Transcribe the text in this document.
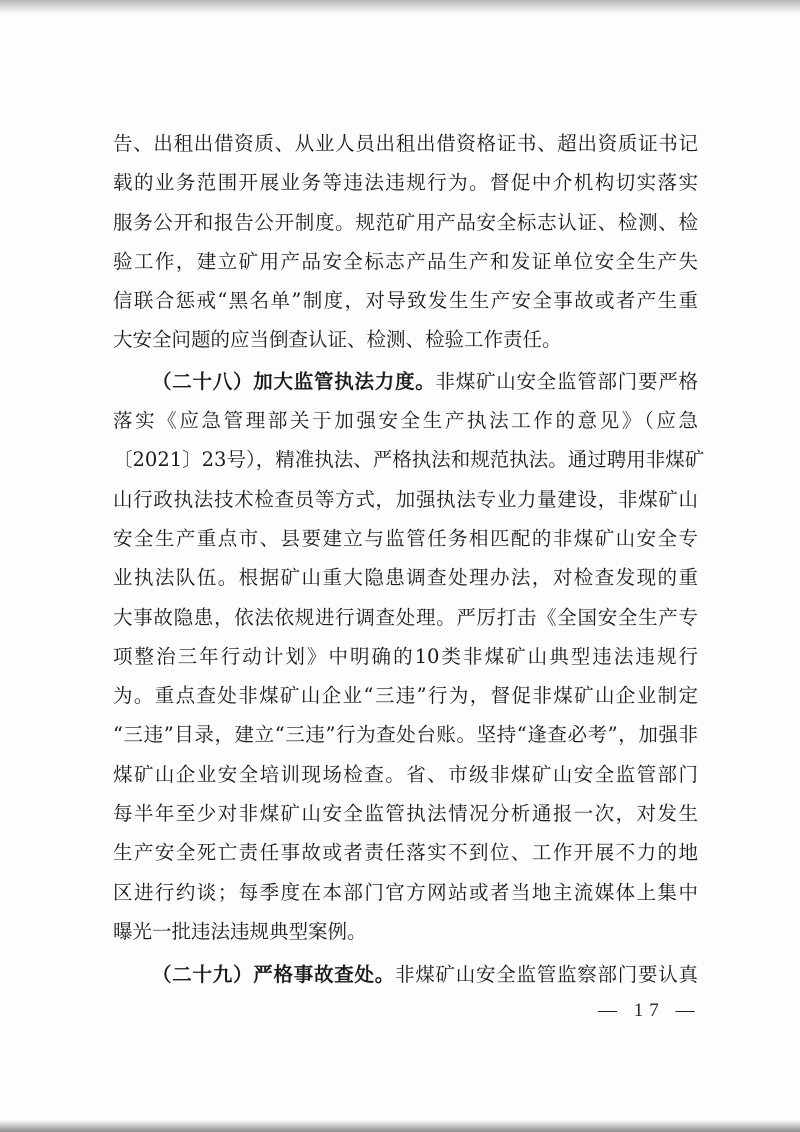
告、出租出借资质、从业人员出租出借资格证书、超出资质证书记
载的业务范围开展业务等违法违规行为。督促中介机构切实落实
服务公开和报告公开制度。规范矿用产品安全标志认证、检测、检
验工作，建立矿用产品安全标志产品生产和发证单位安全生产失
信联合惩戒“黑名单”制度，对导致发生生产安全事故或者产生重
大安全问题的应当倒查认证、检测、检验工作责任。
（二十八）加大监管执法力度。非煤矿山安全监管部门要严格
落实《应急管理部关于加强安全生产执法工作的意见》（应急
〔2021〕23号），精准执法、严格执法和规范执法。通过聘用非煤矿
山行政执法技术检查员等方式，加强执法专业力量建设，非煤矿山
安全生产重点市、县要建立与监管任务相匹配的非煤矿山安全专
业执法队伍。根据矿山重大隐患调查处理办法，对检查发现的重
大事故隐患，依法依规进行调查处理。严厉打击《全国安全生产专
项整治三年行动计划》中明确的10类非煤矿山典型违法违规行
为。重点查处非煤矿山企业“三违”行为，督促非煤矿山企业制定
“三违”目录，建立“三违”行为查处台账。坚持“逢查必考”，加强非
煤矿山企业安全培训现场检查。省、市级非煤矿山安全监管部门
每半年至少对非煤矿山安全监管执法情况分析通报一次，对发生
生产安全死亡责任事故或者责任落实不到位、工作开展不力的地
区进行约谈；每季度在本部门官方网站或者当地主流媒体上集中
曝光一批违法违规典型案例。
（二十九）严格事故查处。非煤矿山安全监管监察部门要认真
— 17 —
